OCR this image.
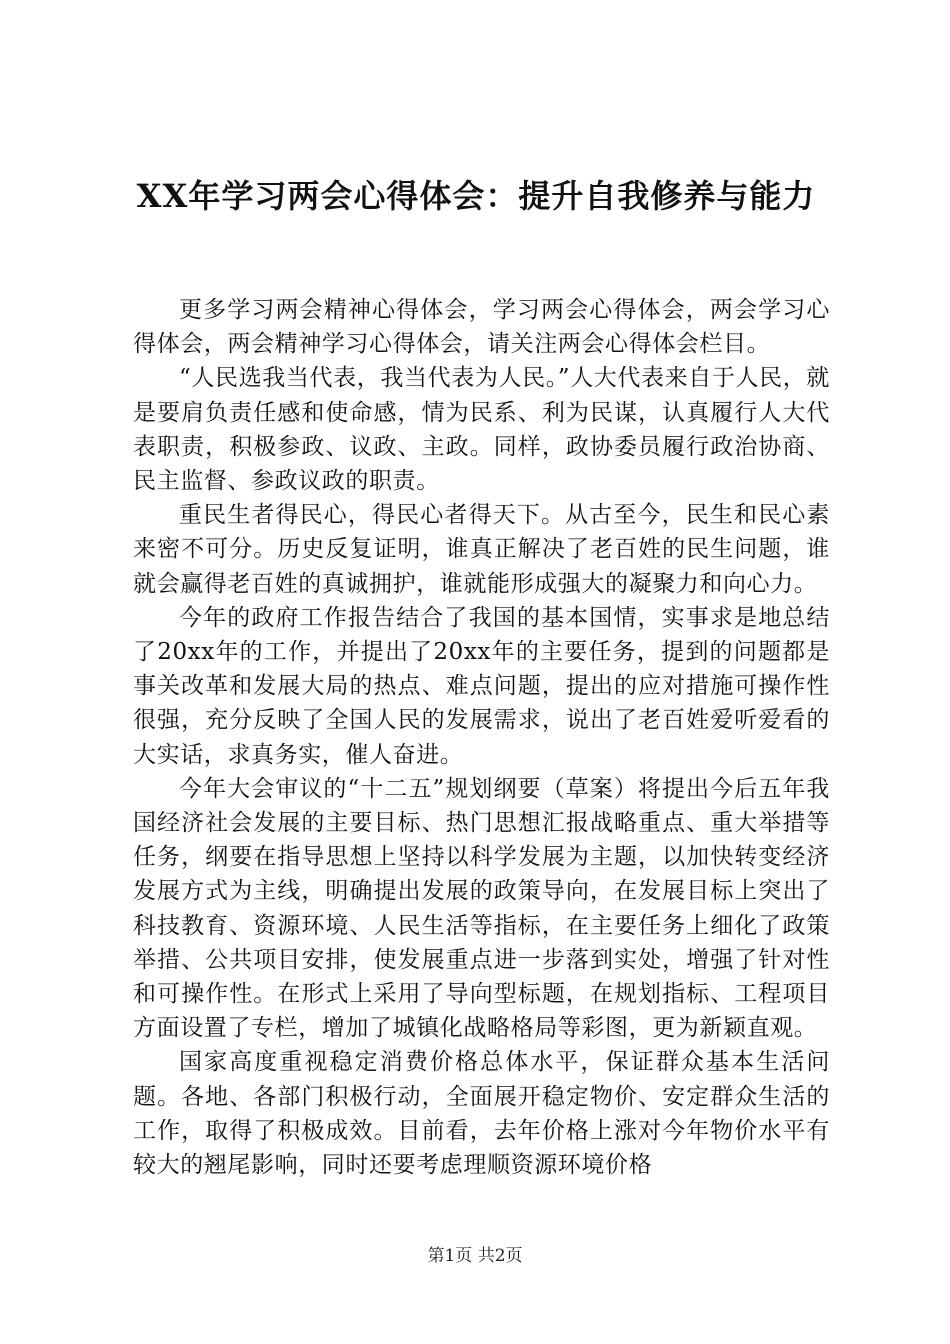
XX年学习两会心得体会：提升自我修养与能力

更多学习两会精神心得体会，学习两会心得体会，两会学习心得体会，两会精神学习心得体会，请关注两会心得体会栏目。

“人民选我当代表，我当代表为人民。”人大代表来自于人民，就是要肩负责任感和使命感，情为民系、利为民谋，认真履行人大代表职责，积极参政、议政、主政。同样，政协委员履行政治协商、民主监督、参政议政的职责。

重民生者得民心，得民心者得天下。从古至今，民生和民心素来密不可分。历史反复证明，谁真正解决了老百姓的民生问题，谁就会赢得老百姓的真诚拥护，谁就能形成强大的凝聚力和向心力。

今年的政府工作报告结合了我国的基本国情，实事求是地总结了20xx年的工作，并提出了20xx年的主要任务，提到的问题都是事关改革和发展大局的热点、难点问题，提出的应对措施可操作性很强，充分反映了全国人民的发展需求，说出了老百姓爱听爱看的大实话，求真务实，催人奋进。

今年大会审议的“十二五”规划纲要（草案）将提出今后五年我国经济社会发展的主要目标、热门思想汇报战略重点、重大举措等任务，纲要在指导思想上坚持以科学发展为主题，以加快转变经济发展方式为主线，明确提出发展的政策导向，在发展目标上突出了科技教育、资源环境、人民生活等指标，在主要任务上细化了政策举措、公共项目安排，使发展重点进一步落到实处，增强了针对性和可操作性。在形式上采用了导向型标题，在规划指标、工程项目方面设置了专栏，增加了城镇化战略格局等彩图，更为新颖直观。

国家高度重视稳定消费价格总体水平，保证群众基本生活问题。各地、各部门积极行动，全面展开稳定物价、安定群众生活的工作，取得了积极成效。目前看，去年价格上涨对今年物价水平有较大的翘尾影响，同时还要考虑理顺资源环境价格

第1页 共2页
